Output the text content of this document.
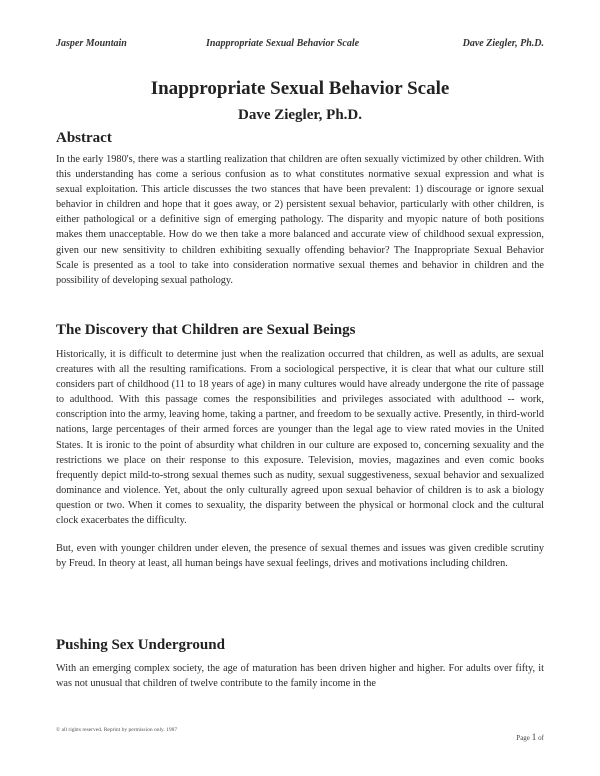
Jasper Mountain	Inappropriate Sexual Behavior Scale	Dave Ziegler, Ph.D.
Inappropriate Sexual Behavior Scale
Dave Ziegler, Ph.D.
Abstract

In the early 1980's, there was a startling realization that children are often sexually victimized by other children. With this understanding has come a serious confusion as to what constitutes normative sexual expression and what is sexual exploitation. This article discusses the two stances that have been prevalent: 1) discourage or ignore sexual behavior in children and hope that it goes away, or 2) persistent sexual behavior, particularly with other children, is either pathological or a definitive sign of emerging pathology. The disparity and myopic nature of both positions makes them unacceptable. How do we then take a more balanced and accurate view of childhood sexual expression, given our new sensitivity to children exhibiting sexually offending behavior? The Inappropriate Sexual Behavior Scale is presented as a tool to take into consideration normative sexual themes and behavior in children and the possibility of developing sexual pathology.

The Discovery that Children are Sexual Beings

Historically, it is difficult to determine just when the realization occurred that children, as well as adults, are sexual creatures with all the resulting ramifications. From a sociological perspective, it is clear that what our culture still considers part of childhood (11 to 18 years of age) in many cultures would have already undergone the rite of passage to adulthood. With this passage comes the responsibilities and privileges associated with adulthood -- work, conscription into the army, leaving home, taking a partner, and freedom to be sexually active. Presently, in third-world nations, large percentages of their armed forces are younger than the legal age to view rated movies in the United States. It is ironic to the point of absurdity what children in our culture are exposed to, concerning sexuality and the restrictions we place on their response to this exposure. Television, movies, magazines and even comic books frequently depict mild-to-strong sexual themes such as nudity, sexual suggestiveness, sexual behavior and sexualized dominance and violence. Yet, about the only culturally agreed upon sexual behavior of children is to ask a biology question or two. When it comes to sexuality, the disparity between the physical or hormonal clock and the cultural clock exacerbates the difficulty.

But, even with younger children under eleven, the presence of sexual themes and issues was given credible scrutiny by Freud. In theory at least, all human beings have sexual feelings, drives and motivations including children.

Pushing Sex Underground

With an emerging complex society, the age of maturation has been driven higher and higher. For adults over fifty, it was not unusual that children of twelve contribute to the family income in the

© all rights reserved. Reprint by permission only. 1987
Page 1 of
